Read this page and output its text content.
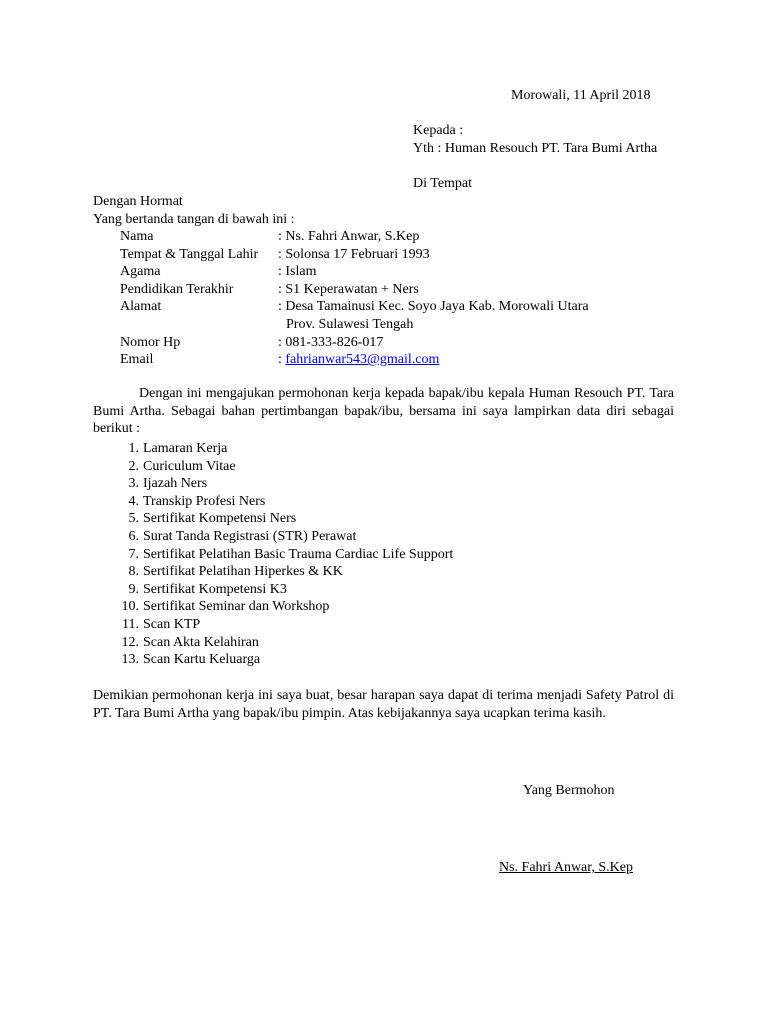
Morowali, 11 April 2018
Kepada :
Yth : Human Resouch PT. Tara Bumi Artha
Di Tempat
Dengan Hormat
Yang bertanda tangan di bawah ini :
Nama	: Ns. Fahri Anwar, S.Kep
Tempat & Tanggal Lahir : Solonsa 17 Februari 1993
Agama	: Islam
Pendidikan Terakhir	: S1 Keperawatan + Ners
Alamat	: Desa Tamainusi Kec. Soyo Jaya Kab. Morowali Utara
Prov. Sulawesi Tengah
Nomor Hp	: 081-333-826-017
Email	: fahrianwar543@gmail.com
Dengan ini mengajukan permohonan kerja kepada bapak/ibu kepala Human Resouch PT. Tara Bumi Artha. Sebagai bahan pertimbangan bapak/ibu, bersama ini saya lampirkan data diri sebagai berikut :
1. Lamaran Kerja
2. Curiculum Vitae
3. Ijazah Ners
4. Transkip Profesi Ners
5. Sertifikat Kompetensi Ners
6. Surat Tanda Registrasi (STR) Perawat
7. Sertifikat Pelatihan Basic Trauma Cardiac Life Support
8. Sertifikat Pelatihan Hiperkes & KK
9. Sertifikat Kompetensi K3
10. Sertifikat Seminar dan Workshop
11. Scan KTP
12. Scan Akta Kelahiran
13. Scan Kartu Keluarga
Demikian permohonan kerja ini saya buat, besar harapan saya dapat di terima menjadi Safety Patrol di PT. Tara Bumi Artha yang bapak/ibu pimpin. Atas kebijakannya saya ucapkan terima kasih.
Yang Bermohon
Ns. Fahri Anwar, S.Kep
